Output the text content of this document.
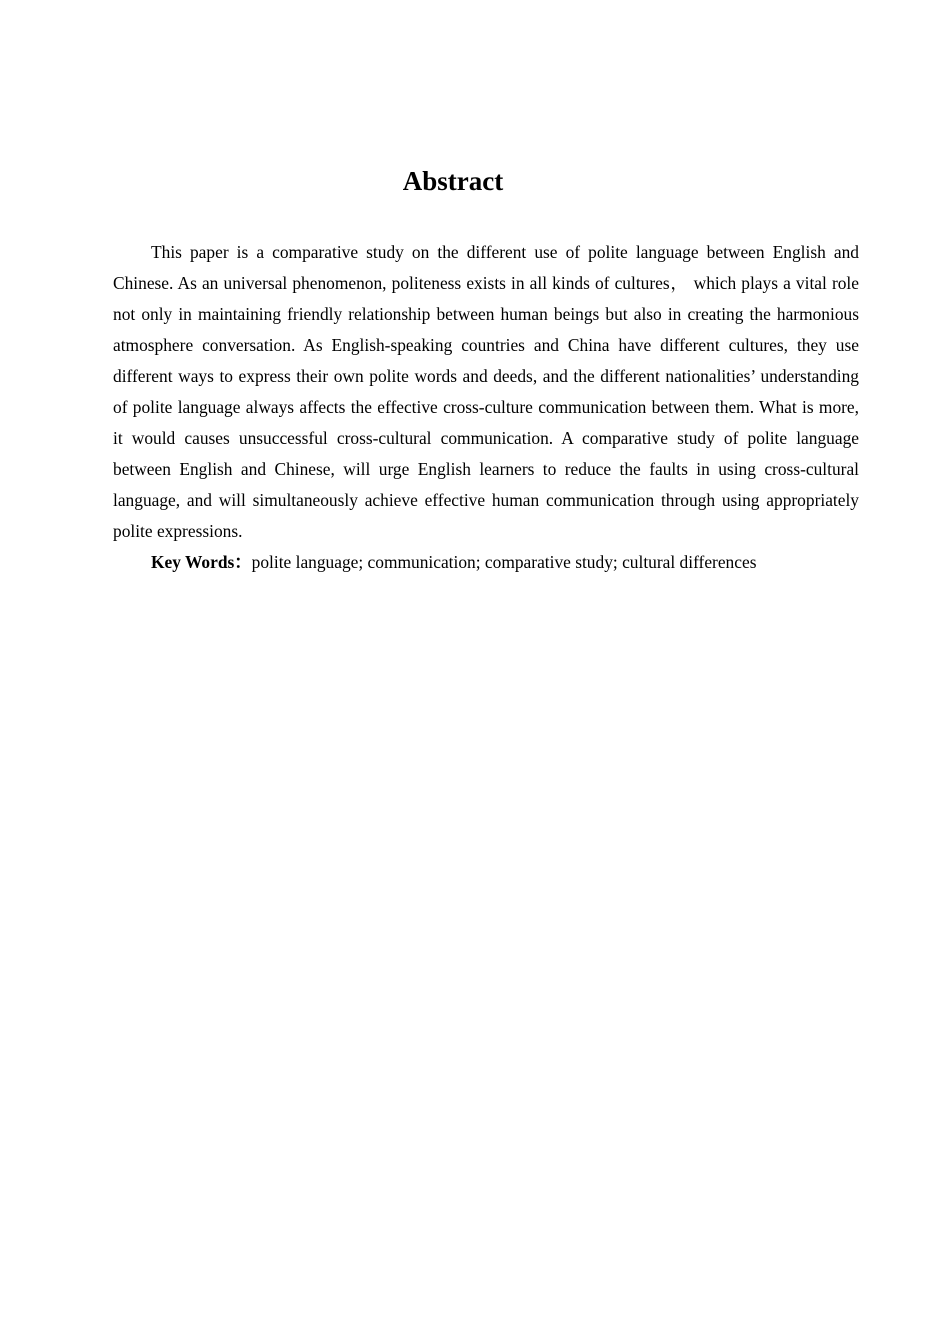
Abstract

This paper is a comparative study on the different use of polite language between English and Chinese. As an universal phenomenon, politeness exists in all kinds of cultures， which plays a vital role not only in maintaining friendly relationship between human beings but also in creating the harmonious atmosphere conversation. As English-speaking countries and China have different cultures, they use different ways to express their own polite words and deeds, and the different nationalities’ understanding of polite language always affects the effective cross-culture communication between them. What is more, it would causes unsuccessful cross-cultural communication. A comparative study of polite language between English and Chinese, will urge English learners to reduce the faults in using cross-cultural language, and will simultaneously achieve effective human communication through using appropriately polite expressions.

Key Words：polite language; communication; comparative study; cultural differences
